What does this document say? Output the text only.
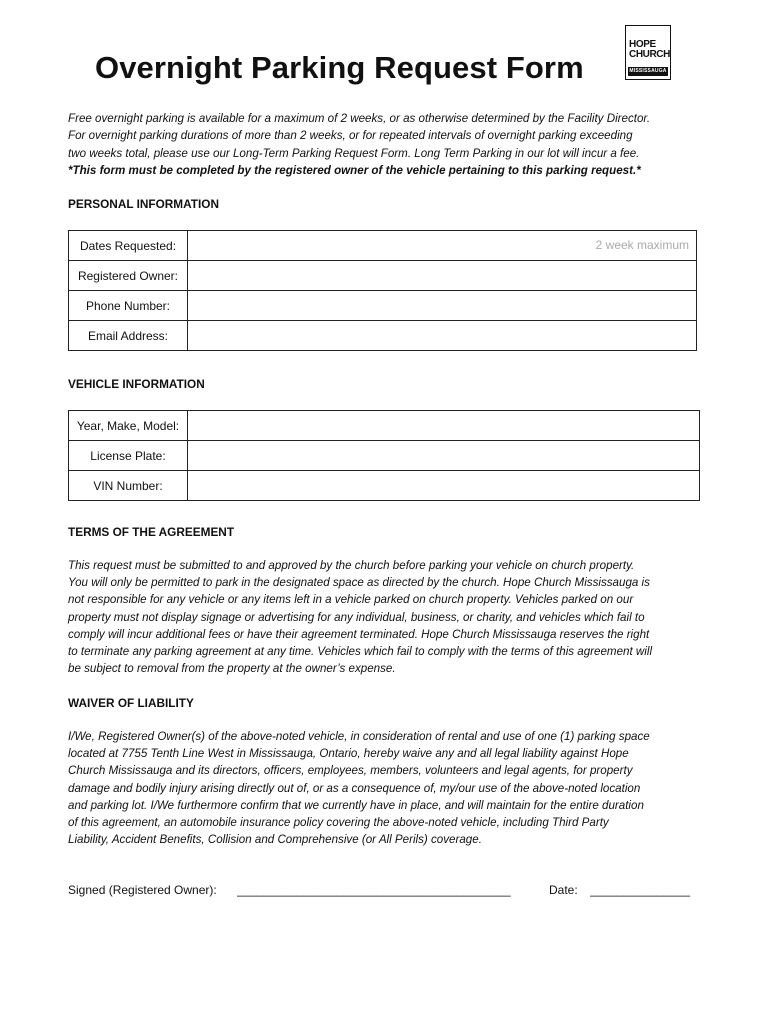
Overnight Parking Request Form
HOPE
CHURCH
MISSISSAUGA

Free overnight parking is available for a maximum of 2 weeks, or as otherwise determined by the Facility Director.
For overnight parking durations of more than 2 weeks, or for repeated intervals of overnight parking exceeding
two weeks total, please use our Long-Term Parking Request Form. Long Term Parking in our lot will incur a fee.
*This form must be completed by the registered owner of the vehicle pertaining to this parking request.*

PERSONAL INFORMATION
Dates Requested:	2 week maximum

Registered Owner:	
Phone Number:	
Email Address:	
VEHICLE INFORMATION
Year, Make, Model:	
License Plate:	
VIN Number:	
TERMS OF THE AGREEMENT

This request must be submitted to and approved by the church before parking your vehicle on church property.
You will only be permitted to park in the designated space as directed by the church. Hope Church Mississauga is
not responsible for any vehicle or any items left in a vehicle parked on church property. Vehicles parked on our
property must not display signage or advertising for any individual, business, or charity, and vehicles which fail to
comply will incur additional fees or have their agreement terminated. Hope Church Mississauga reserves the right
to terminate any parking agreement at any time. Vehicles which fail to comply with the terms of this agreement will
be subject to removal from the property at the owner’s expense.

WAIVER OF LIABILITY

I/We, Registered Owner(s) of the above-noted vehicle, in consideration of rental and use of one (1) parking space
located at 7755 Tenth Line West in Mississauga, Ontario, hereby waive any and all legal liability against Hope
Church Mississauga and its directors, officers, employees, members, volunteers and legal agents, for property
damage and bodily injury arising directly out of, or as a consequence of, my/our use of the above-noted location
and parking lot. I/We furthermore confirm that we currently have in place, and will maintain for the entire duration
of this agreement, an automobile insurance policy covering the above-noted vehicle, including Third Party
Liability, Accident Benefits, Collision and Comprehensive (or All Perils) coverage.

Signed (Registered Owner): _________________________________________	Date: _______________
